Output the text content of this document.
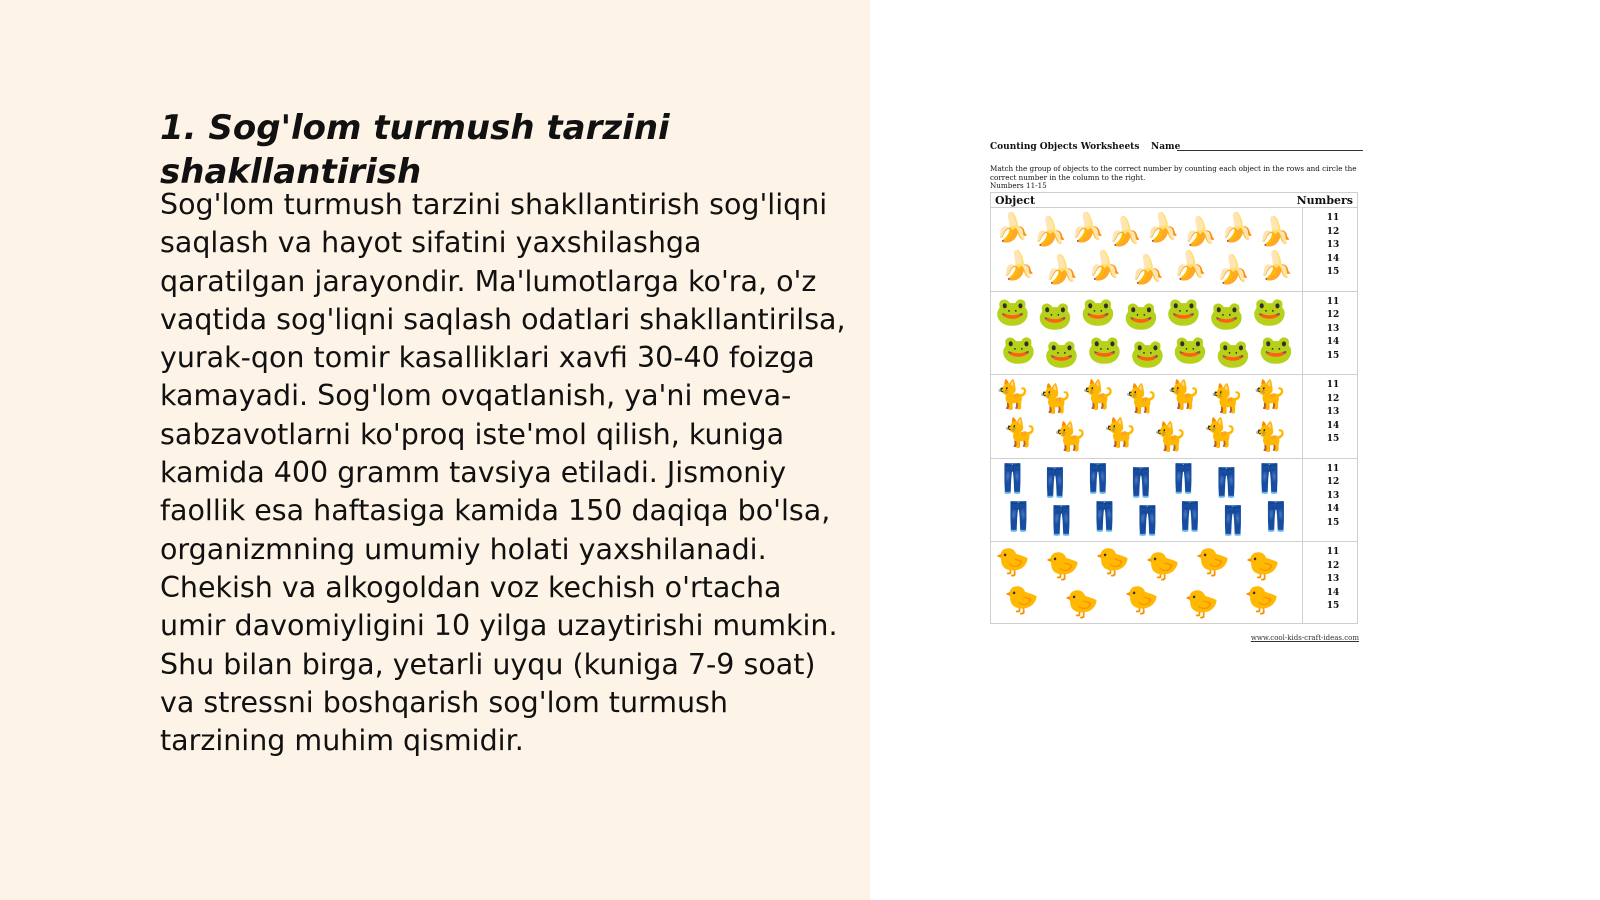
1. Sog'lom turmush tarzini shakllantirish

Sog'lom turmush tarzini shakllantirish sog'liqni saqlash va hayot sifatini yaxshilashga qaratilgan jarayondir. Ma'lumotlarga ko'ra, o'z vaqtida sog'liqni saqlash odatlari shakllantirilsa, yurak-qon tomir kasalliklari xavfi 30-40 foizga kamayadi. Sog'lom ovqatlanish, ya'ni meva-sabzavotlarni ko'proq iste'mol qilish, kuniga kamida 400 gramm tavsiya etiladi. Jismoniy faollik esa haftasiga kamida 150 daqiqa bo'lsa, organizmning umumiy holati yaxshilanadi. Chekish va alkogoldan voz kechish o'rtacha umir davomiyligini 10 yilga uzaytirishi mumkin. Shu bilan birga, yetarli uyqu (kuniga 7-9 soat) va stressni boshqarish sog'lom turmush tarzining muhim qismidir.

Counting Objects Worksheets Name
Match the group of objects to the correct number by counting each object in the rows and circle the correct number in the column to the right.
Numbers 11-15
Object	Numbers
🍌 🍌 🍌 🍌 🍌 🍌 🍌 🍌
🍌 🍌 🍌 🍌 🍌 🍌 🍌
11
12
13
14
15
🐸 🐸 🐸 🐸 🐸 🐸 🐸
🐸 🐸 🐸 🐸 🐸 🐸 🐸
11
12
13
14
15
🐈 🐈 🐈 🐈 🐈 🐈 🐈
🐈 🐈 🐈 🐈 🐈 🐈
11
12
13
14
15
👖 👖 👖 👖 👖 👖 👖
👖 👖 👖 👖 👖 👖 👖
11
12
13
14
15
🐤 🐤 🐤 🐤 🐤 🐤
🐤 🐤 🐤 🐤 🐤
11
12
13
14
15
www.cool-kids-craft-ideas.com
